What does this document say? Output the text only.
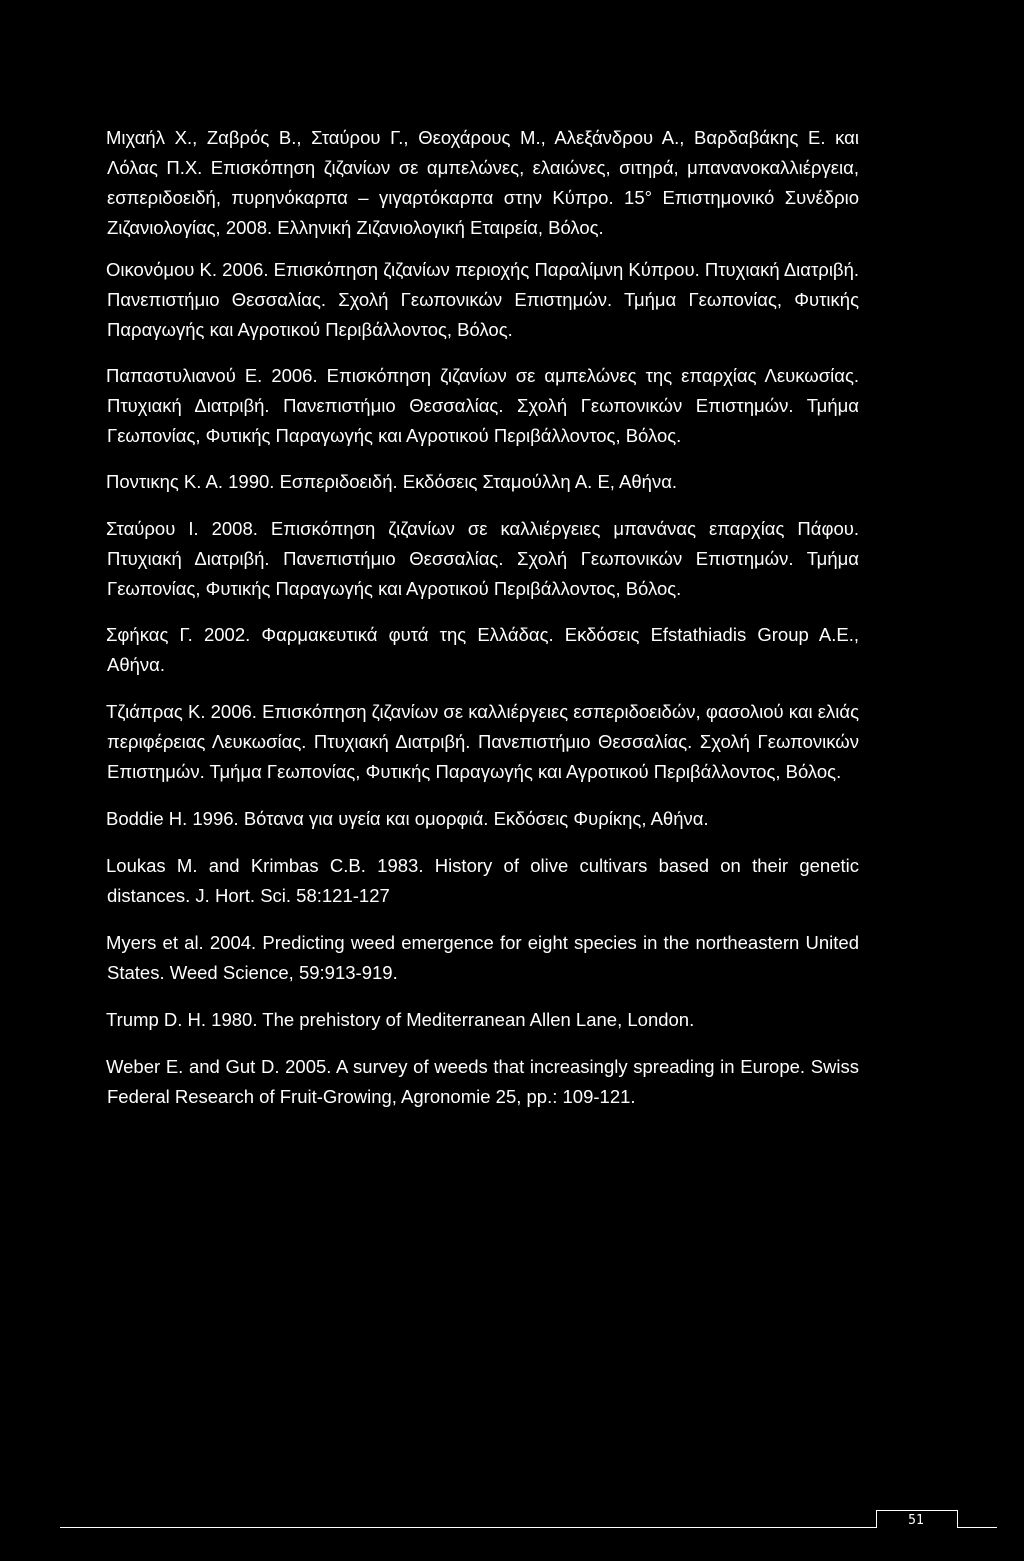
Μιχαήλ Χ., Ζαβρός Β., Σταύρου Γ., Θεοχάρους Μ., Αλεξάνδρου Α., Βαρδαβάκης Ε. και Λόλας Π.Χ. Επισκόπηση ζιζανίων σε αμπελώνες, ελαιώνες, σιτηρά, μπανανοκαλλιέργεια, εσπεριδοειδή, πυρηνόκαρπα – γιγαρτόκαρπα στην Κύπρο. 15° Επιστημονικό Συνέδριο Ζιζανιολογίας, 2008. Ελληνική Ζιζανιολογική Εταιρεία, Βόλος.

Οικονόμου Κ. 2006. Επισκόπηση ζιζανίων περιοχής Παραλίμνη Κύπρου. Πτυχιακή Διατριβή. Πανεπιστήμιο Θεσσαλίας. Σχολή Γεωπονικών Επιστημών. Τμήμα Γεωπονίας, Φυτικής Παραγωγής και Αγροτικού Περιβάλλοντος, Βόλος.

Παπαστυλιανού Ε. 2006. Επισκόπηση ζιζανίων σε αμπελώνες της επαρχίας Λευκωσίας. Πτυχιακή Διατριβή. Πανεπιστήμιο Θεσσαλίας. Σχολή Γεωπονικών Επιστημών. Τμήμα Γεωπονίας, Φυτικής Παραγωγής και Αγροτικού Περιβάλλοντος, Βόλος.

Ποντικης Κ. Α. 1990. Εσπεριδοειδή. Εκδόσεις Σταμούλλη Α. Ε, Αθήνα.

Σταύρου Ι. 2008. Επισκόπηση ζιζανίων σε καλλιέργειες μπανάνας επαρχίας Πάφου. Πτυχιακή Διατριβή. Πανεπιστήμιο Θεσσαλίας. Σχολή Γεωπονικών Επιστημών. Τμήμα Γεωπονίας, Φυτικής Παραγωγής και Αγροτικού Περιβάλλοντος, Βόλος.

Σφήκας Γ. 2002. Φαρμακευτικά φυτά της Ελλάδας. Εκδόσεις Efstathiadis Group A.E., Αθήνα.

Τζιάπρας Κ. 2006. Επισκόπηση ζιζανίων σε καλλιέργειες εσπεριδοειδών, φασολιού και ελιάς περιφέρειας Λευκωσίας. Πτυχιακή Διατριβή. Πανεπιστήμιο Θεσσαλίας. Σχολή Γεωπονικών Επιστημών. Τμήμα Γεωπονίας, Φυτικής Παραγωγής και Αγροτικού Περιβάλλοντος, Βόλος.

Boddie H. 1996. Βότανα για υγεία και ομορφιά. Εκδόσεις Φυρίκης, Αθήνα.

Loukas M. and Krimbas C.B. 1983. History of olive cultivars based on their genetic distances. J. Hort. Sci. 58:121-127

Myers et al. 2004. Predicting weed emergence for eight species in the northeastern United States. Weed Science, 59:913-919.

Trump D. H. 1980. The prehistory of Mediterranean Allen Lane, London.

Weber E. and Gut D. 2005. A survey of weeds that increasingly spreading in Europe. Swiss Federal Research of Fruit-Growing, Agronomie 25, pp.: 109-121.

51
